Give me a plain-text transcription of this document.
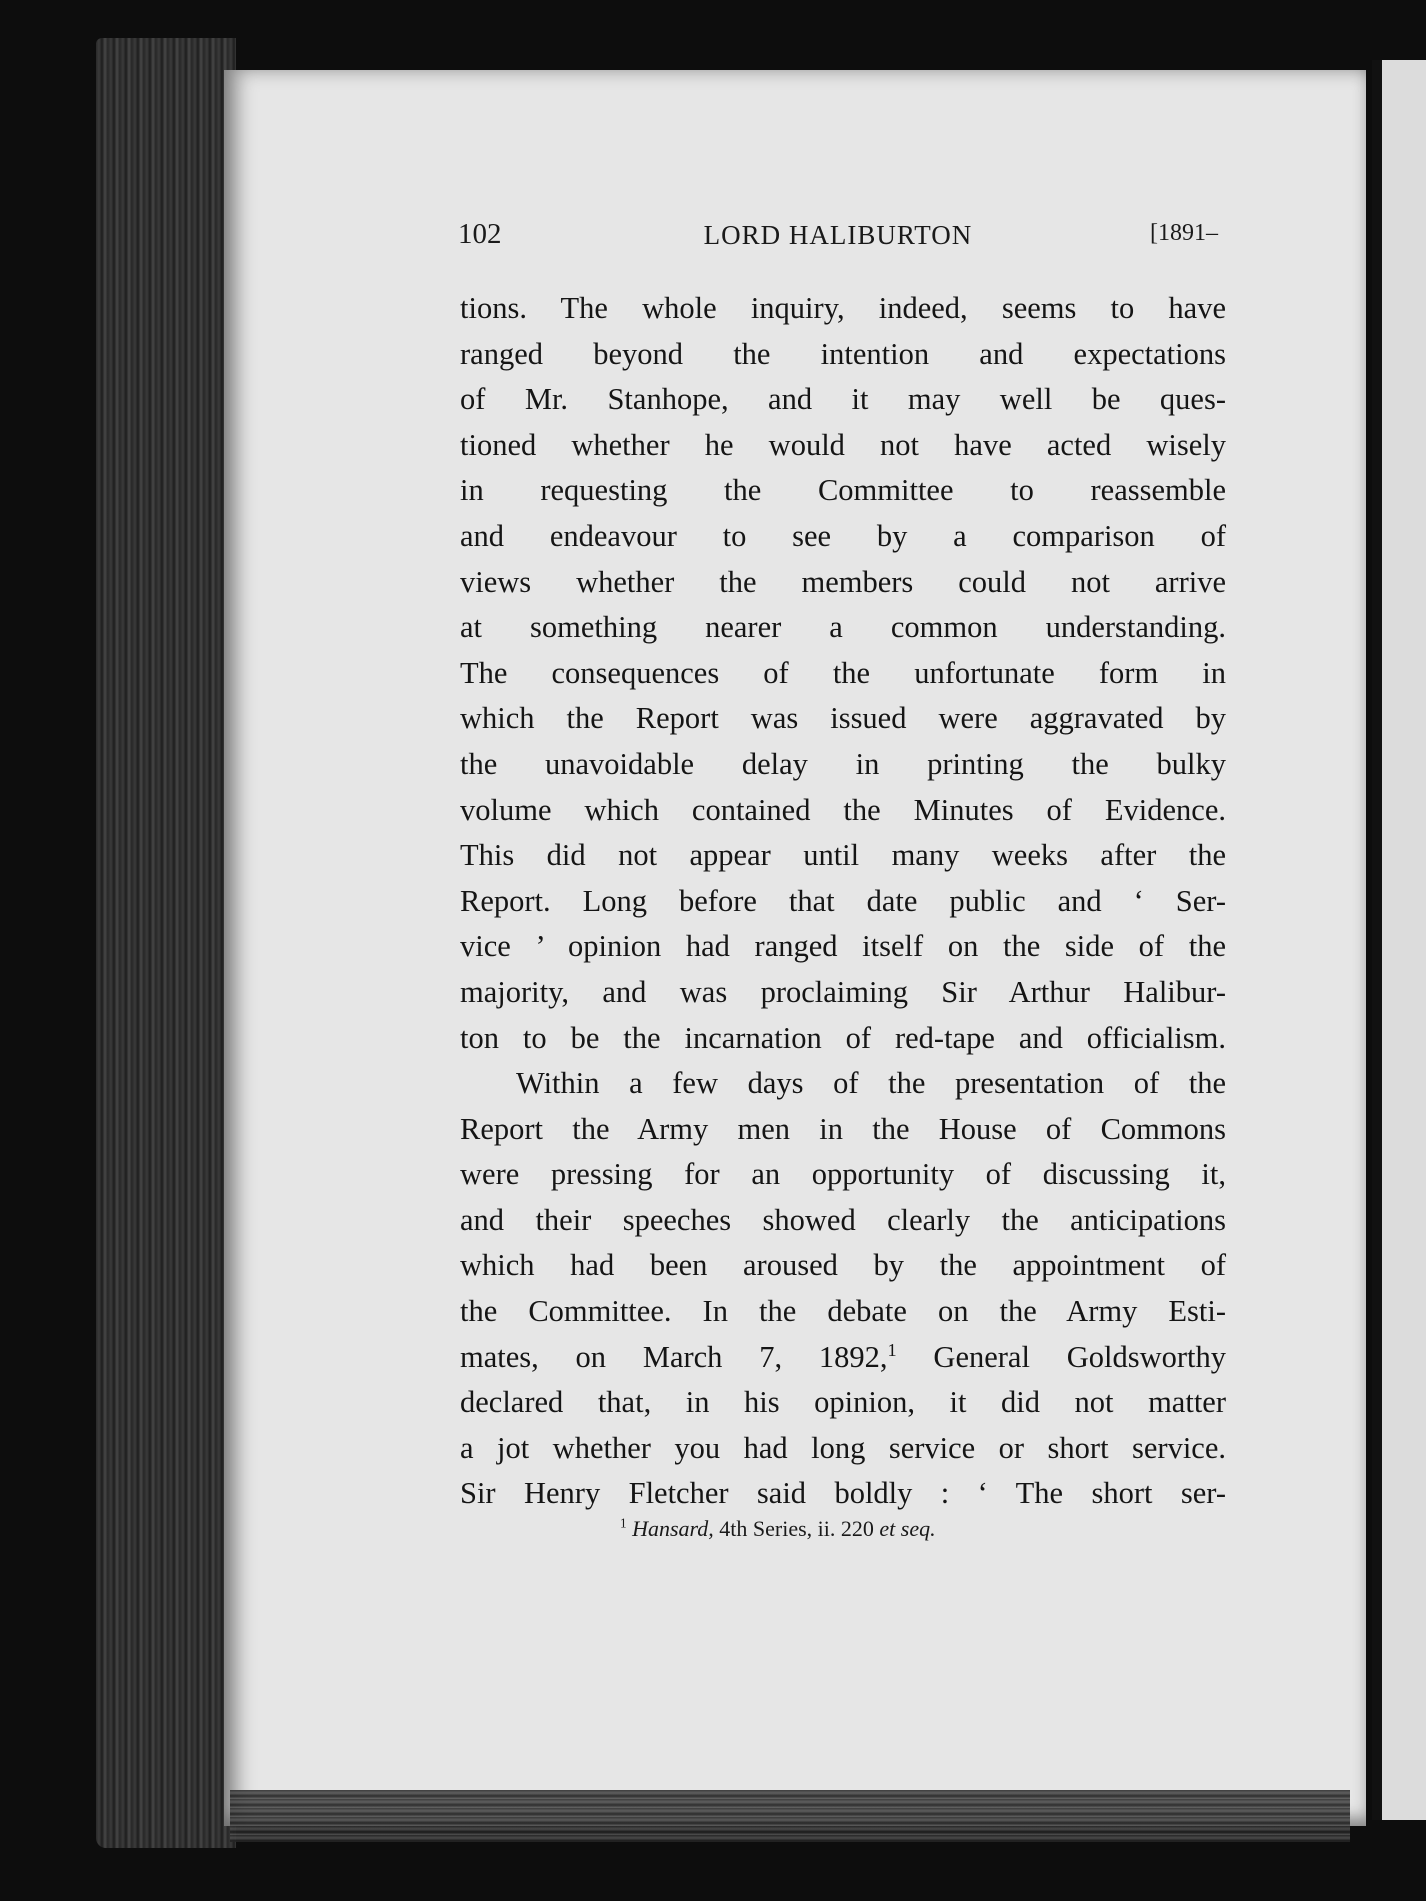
102	LORD HALIBURTON	[1891–
tions. The whole inquiry, indeed, seems to have
ranged beyond the intention and expectations
of Mr. Stanhope, and it may well be ques-
tioned whether he would not have acted wisely
in requesting the Committee to reassemble
and endeavour to see by a comparison of
views whether the members could not arrive
at something nearer a common understanding.
The consequences of the unfortunate form in
which the Report was issued were aggravated by
the unavoidable delay in printing the bulky
volume which contained the Minutes of Evidence.
This did not appear until many weeks after the
Report. Long before that date public and ‘ Ser-
vice ’ opinion had ranged itself on the side of the
majority, and was proclaiming Sir Arthur Halibur-
ton to be the incarnation of red-tape and officialism.
Within a few days of the presentation of the
Report the Army men in the House of Commons
were pressing for an opportunity of discussing it,
and their speeches showed clearly the anticipations
which had been aroused by the appointment of
the Committee. In the debate on the Army Esti-
mates, on March 7, 1892,$^1$ General Goldsworthy
declared that, in his opinion, it did not matter
a jot whether you had long service or short service.
Sir Henry Fletcher said boldly : ‘ The short ser-
$^1$ Hansard, 4th Series, ii. 220 et seq.
